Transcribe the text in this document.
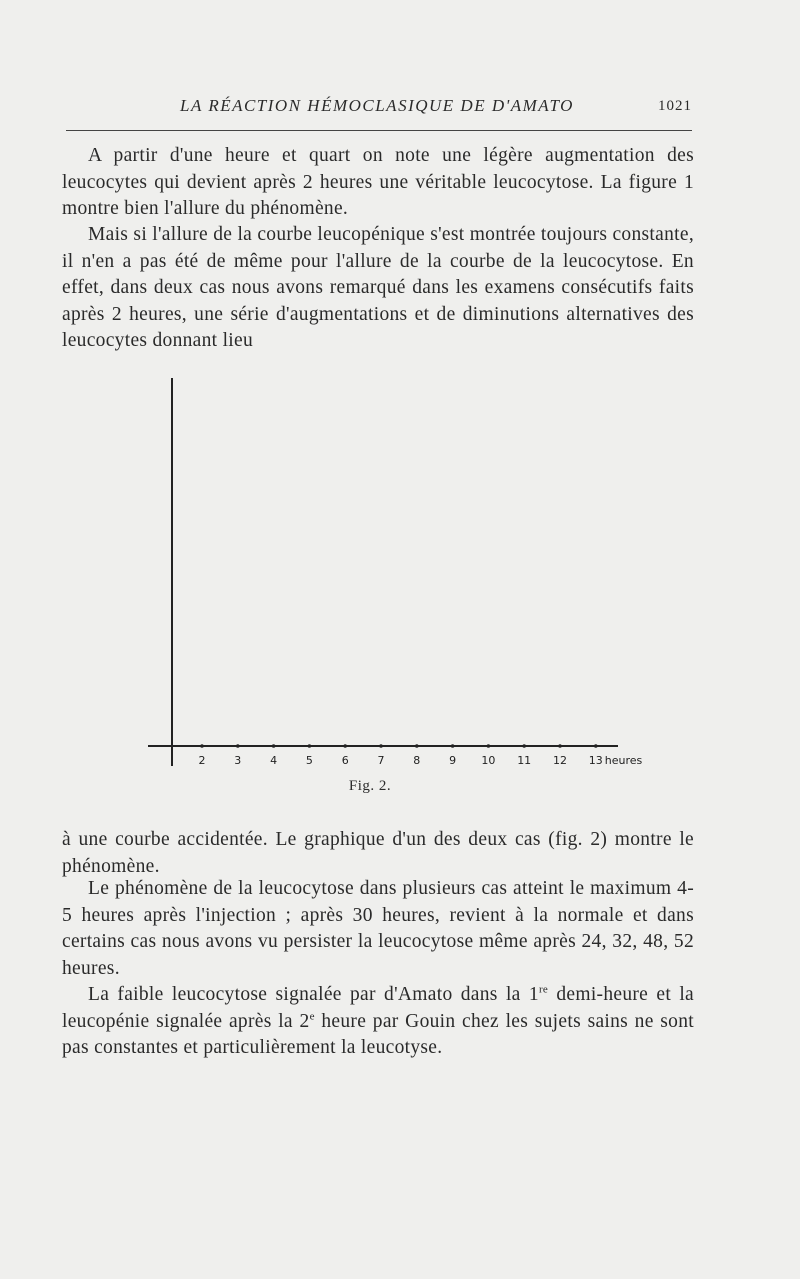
LA RÉACTION HÉMOCLASIQUE DE D'AMATO	1021

A partir d'une heure et quart on note une légère augmentation des leucocytes qui devient après 2 heures une véritable leucocytose. La figure 1 montre bien l'allure du phénomène.

Mais si l'allure de la courbe leucopénique s'est montrée toujours constante, il n'en a pas été de même pour l'allure de la courbe de la leucocytose. En effet, dans deux cas nous avons remarqué dans les examens consécutifs faits après 2 heures, une série d'augmentations et de diminutions alternatives des leucocytes donnant lieu

2	3	4	5	6	7	8	9 10 11 12 13 heures
Fig. 2.

à une courbe accidentée. Le graphique d'un des deux cas (fig. 2) montre le phénomène.

Le phénomène de la leucocytose dans plusieurs cas atteint le maximum 4-5 heures après l'injection ; après 30 heures, revient à la normale et dans certains cas nous avons vu persister la leucocytose même après 24, 32, 48, 52 heures.

La faible leucocytose signalée par d'Amato dans la 1re demi-heure et la leucopénie signalée après la 2e heure par Gouin chez les sujets sains ne sont pas constantes et particulièrement la leucotyse.
